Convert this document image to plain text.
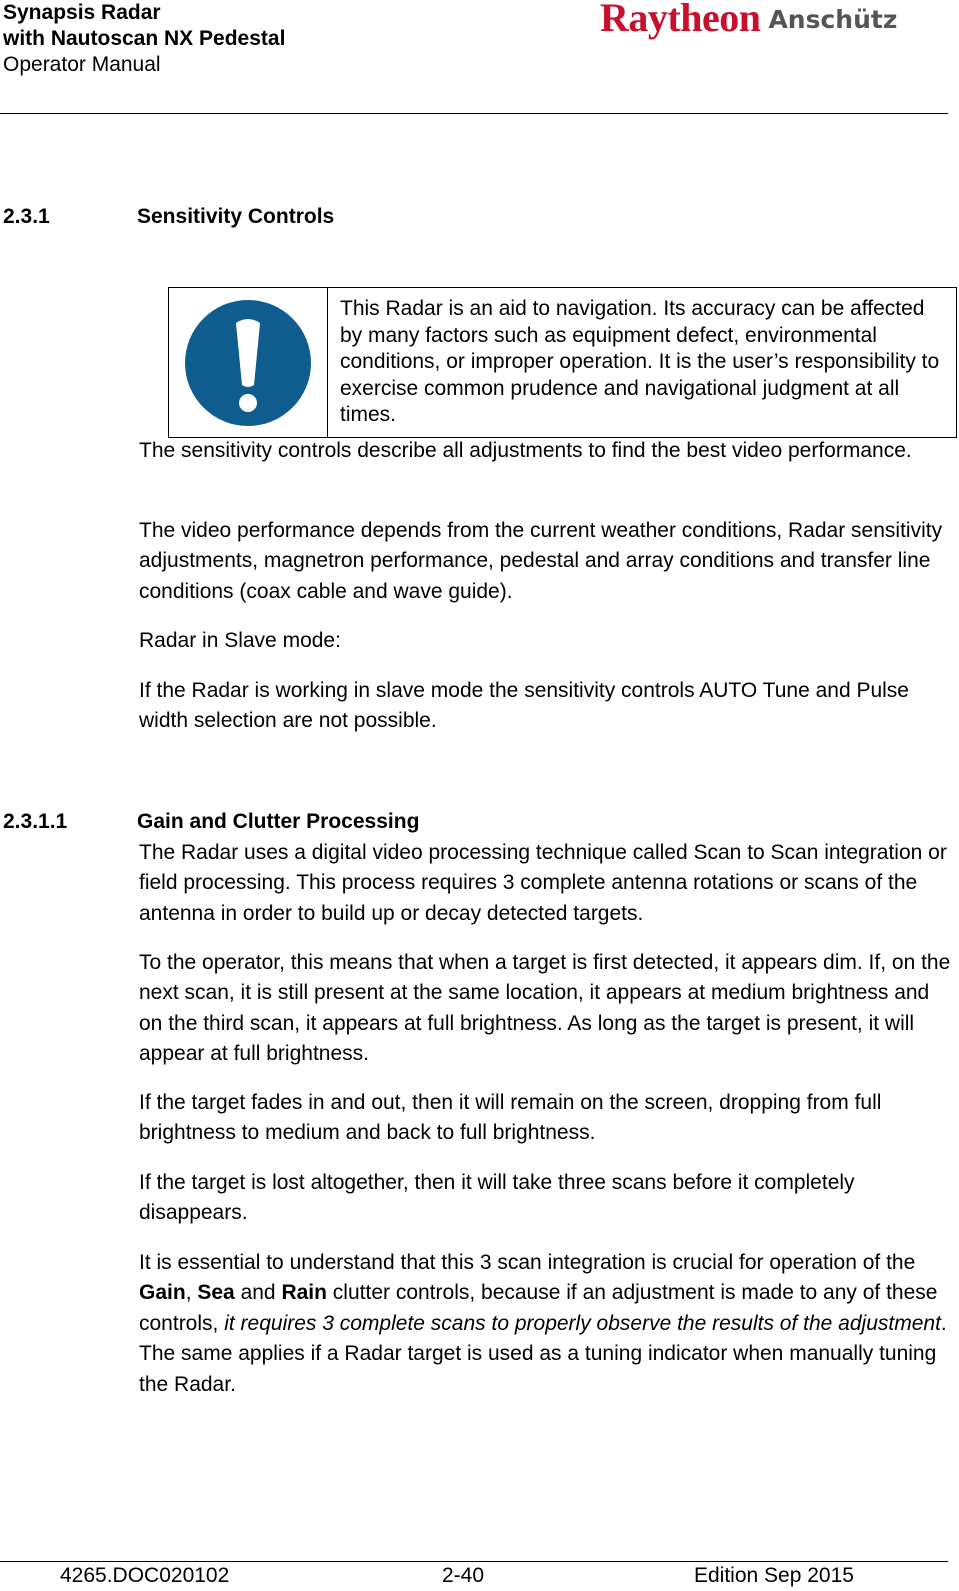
Synapsis Radar
with Nautoscan NX Pedestal
Operator Manual
Raytheon Anschütz
2.3.1	Sensitivity Controls
This Radar is an aid to navigation. Its accuracy can be affected by many factors such as equipment defect, environmental conditions, or improper operation. It is the user’s responsibility to exercise common prudence and navigational judgment at all times.

The sensitivity controls describe all adjustments to find the best video performance.

The video performance depends from the current weather conditions, Radar sensitivity adjustments, magnetron performance, pedestal and array conditions and transfer line conditions (coax cable and wave guide).

Radar in Slave mode:

If the Radar is working in slave mode the sensitivity controls AUTO Tune and Pulse width selection are not possible.

2.3.1.1	Gain and Clutter Processing

The Radar uses a digital video processing technique called Scan to Scan integration or field processing. This process requires 3 complete antenna rotations or scans of the antenna in order to build up or decay detected targets.

To the operator, this means that when a target is first detected, it appears dim. If, on the next scan, it is still present at the same location, it appears at medium brightness and on the third scan, it appears at full brightness. As long as the target is present, it will appear at full brightness.

If the target fades in and out, then it will remain on the screen, dropping from full brightness to medium and back to full brightness.

If the target is lost altogether, then it will take three scans before it completely disappears.

It is essential to understand that this 3 scan integration is crucial for operation of the Gain, Sea and Rain clutter controls, because if an adjustment is made to any of these controls, it requires 3 complete scans to properly observe the results of the adjustment. The same applies if a Radar target is used as a tuning indicator when manually tuning the Radar.

4265.DOC020102	2-40	Edition Sep 2015
